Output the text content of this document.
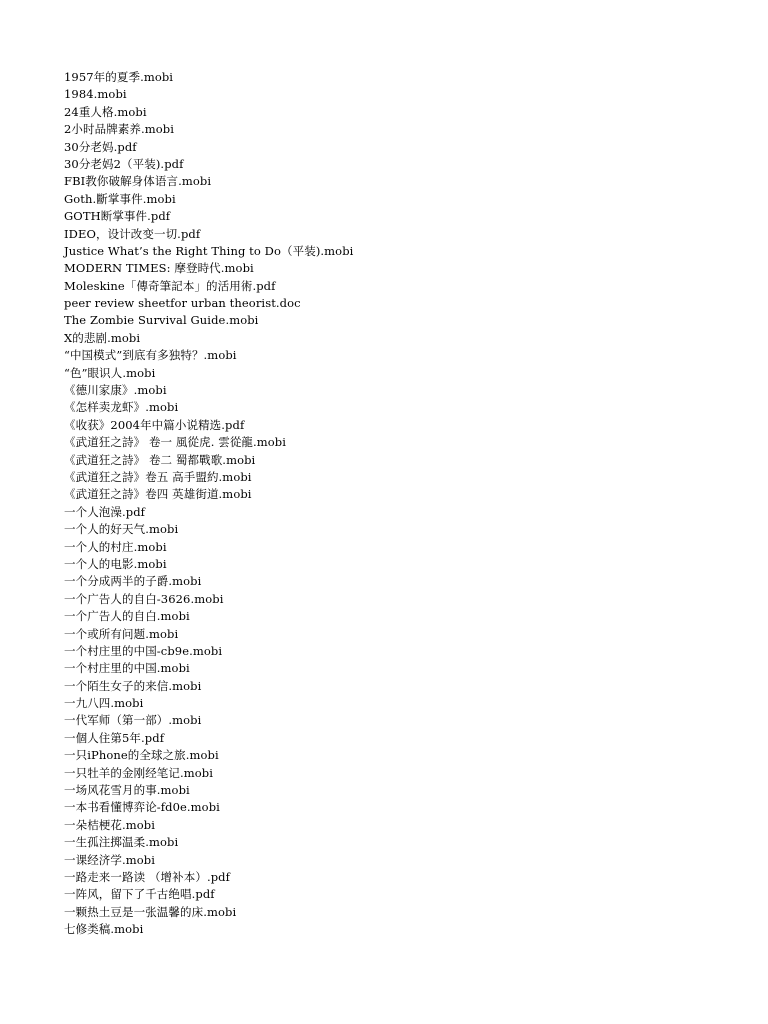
1957年的夏季.mobi
1984.mobi
24重人格.mobi
2小时品牌素养.mobi
30分老妈.pdf
30分老妈2（平装).pdf
FBI教你破解身体语言.mobi
Goth.斷掌事件.mobi
GOTH断掌事件.pdf
IDEO，设计改变一切.pdf
Justice What’s the Right Thing to Do（平装).mobi
MODERN TIMES: 摩登時代.mobi
Moleskine「傳奇筆記本」的活用術.pdf
peer review sheetfor urban theorist.doc
The Zombie Survival Guide.mobi
X的悲剧.mobi
“中国模式”到底有多独特？.mobi
“色”眼识人.mobi
《德川家康》.mobi
《怎样卖龙虾》.mobi
《收获》2004年中篇小说精选.pdf
《武道狂之詩》 卷一 風從虎. 雲從龍.mobi
《武道狂之詩》 卷二 蜀都戰歌.mobi
《武道狂之詩》卷五 高手盟約.mobi
《武道狂之詩》卷四 英雄街道.mobi
一个人泡澡.pdf
一个人的好天气.mobi
一个人的村庄.mobi
一个人的电影.mobi
一个分成两半的子爵.mobi
一个广告人的自白-3626.mobi
一个广告人的自白.mobi
一个或所有问题.mobi
一个村庄里的中国-cb9e.mobi
一个村庄里的中国.mobi
一个陌生女子的来信.mobi
一九八四.mobi
一代军师（第一部）.mobi
一個人住第5年.pdf
一只iPhone的全球之旅.mobi
一只牡羊的金刚经笔记.mobi
一场风花雪月的事.mobi
一本书看懂博弈论-fd0e.mobi
一朵桔梗花.mobi
一生孤注掷温柔.mobi
一课经济学.mobi
一路走来一路读 （增补本）.pdf
一阵风，留下了千古绝唱.pdf
一颗热土豆是一张温馨的床.mobi
七修类稿.mobi
